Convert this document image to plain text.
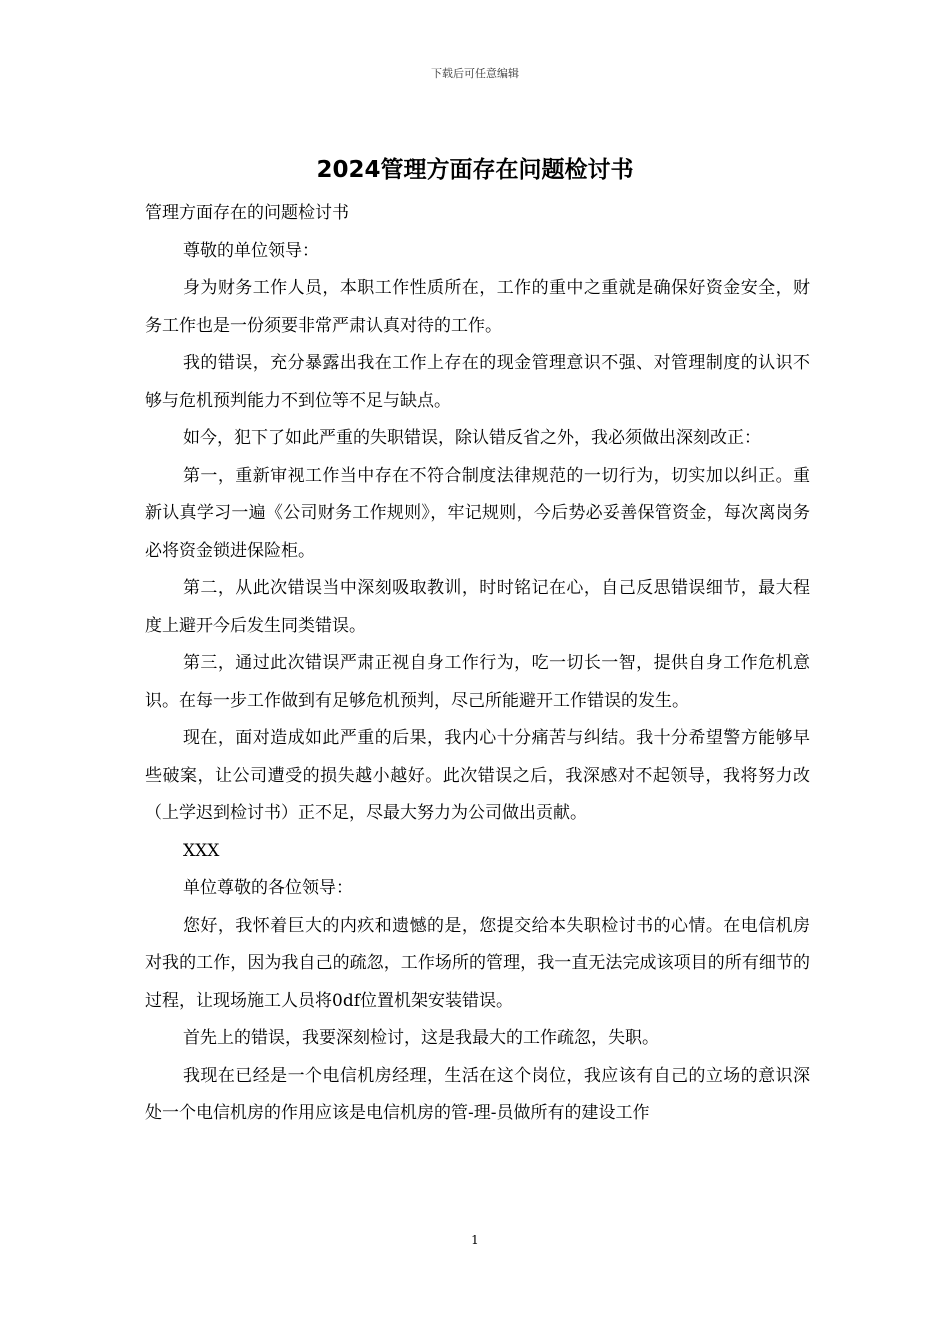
下载后可任意编辑
2024管理方面存在问题检讨书

管理方面存在的问题检讨书

尊敬的单位领导：

身为财务工作人员，本职工作性质所在，工作的重中之重就是确保好资金安全，财务工作也是一份须要非常严肃认真对待的工作。

我的错误，充分暴露出我在工作上存在的现金管理意识不强、对管理制度的认识不够与危机预判能力不到位等不足与缺点。

如今，犯下了如此严重的失职错误，除认错反省之外，我必须做出深刻改正：

第一，重新审视工作当中存在不符合制度法律规范的一切行为，切实加以纠正。重新认真学习一遍《公司财务工作规则》，牢记规则，今后势必妥善保管资金，每次离岗务必将资金锁进保险柜。

第二，从此次错误当中深刻吸取教训，时时铭记在心，自己反思错误细节，最大程度上避开今后发生同类错误。

第三，通过此次错误严肃正视自身工作行为，吃一切长一智，提供自身工作危机意识。在每一步工作做到有足够危机预判，尽己所能避开工作错误的发生。

现在，面对造成如此严重的后果，我内心十分痛苦与纠结。我十分希望警方能够早些破案，让公司遭受的损失越小越好。此次错误之后，我深感对不起领导，我将努力改（上学迟到检讨书）正不足，尽最大努力为公司做出贡献。

XXX

单位尊敬的各位领导：

您好，我怀着巨大的内疚和遗憾的是，您提交给本失职检讨书的心情。在电信机房对我的工作，因为我自己的疏忽，工作场所的管理，我一直无法完成该项目的所有细节的过程，让现场施工人员将0df位置机架安装错误。

首先上的错误，我要深刻检讨，这是我最大的工作疏忽，失职。

我现在已经是一个电信机房经理，生活在这个岗位，我应该有自己的立场的意识深处一个电信机房的作用应该是电信机房的管-理-员做所有的建设工作

1
